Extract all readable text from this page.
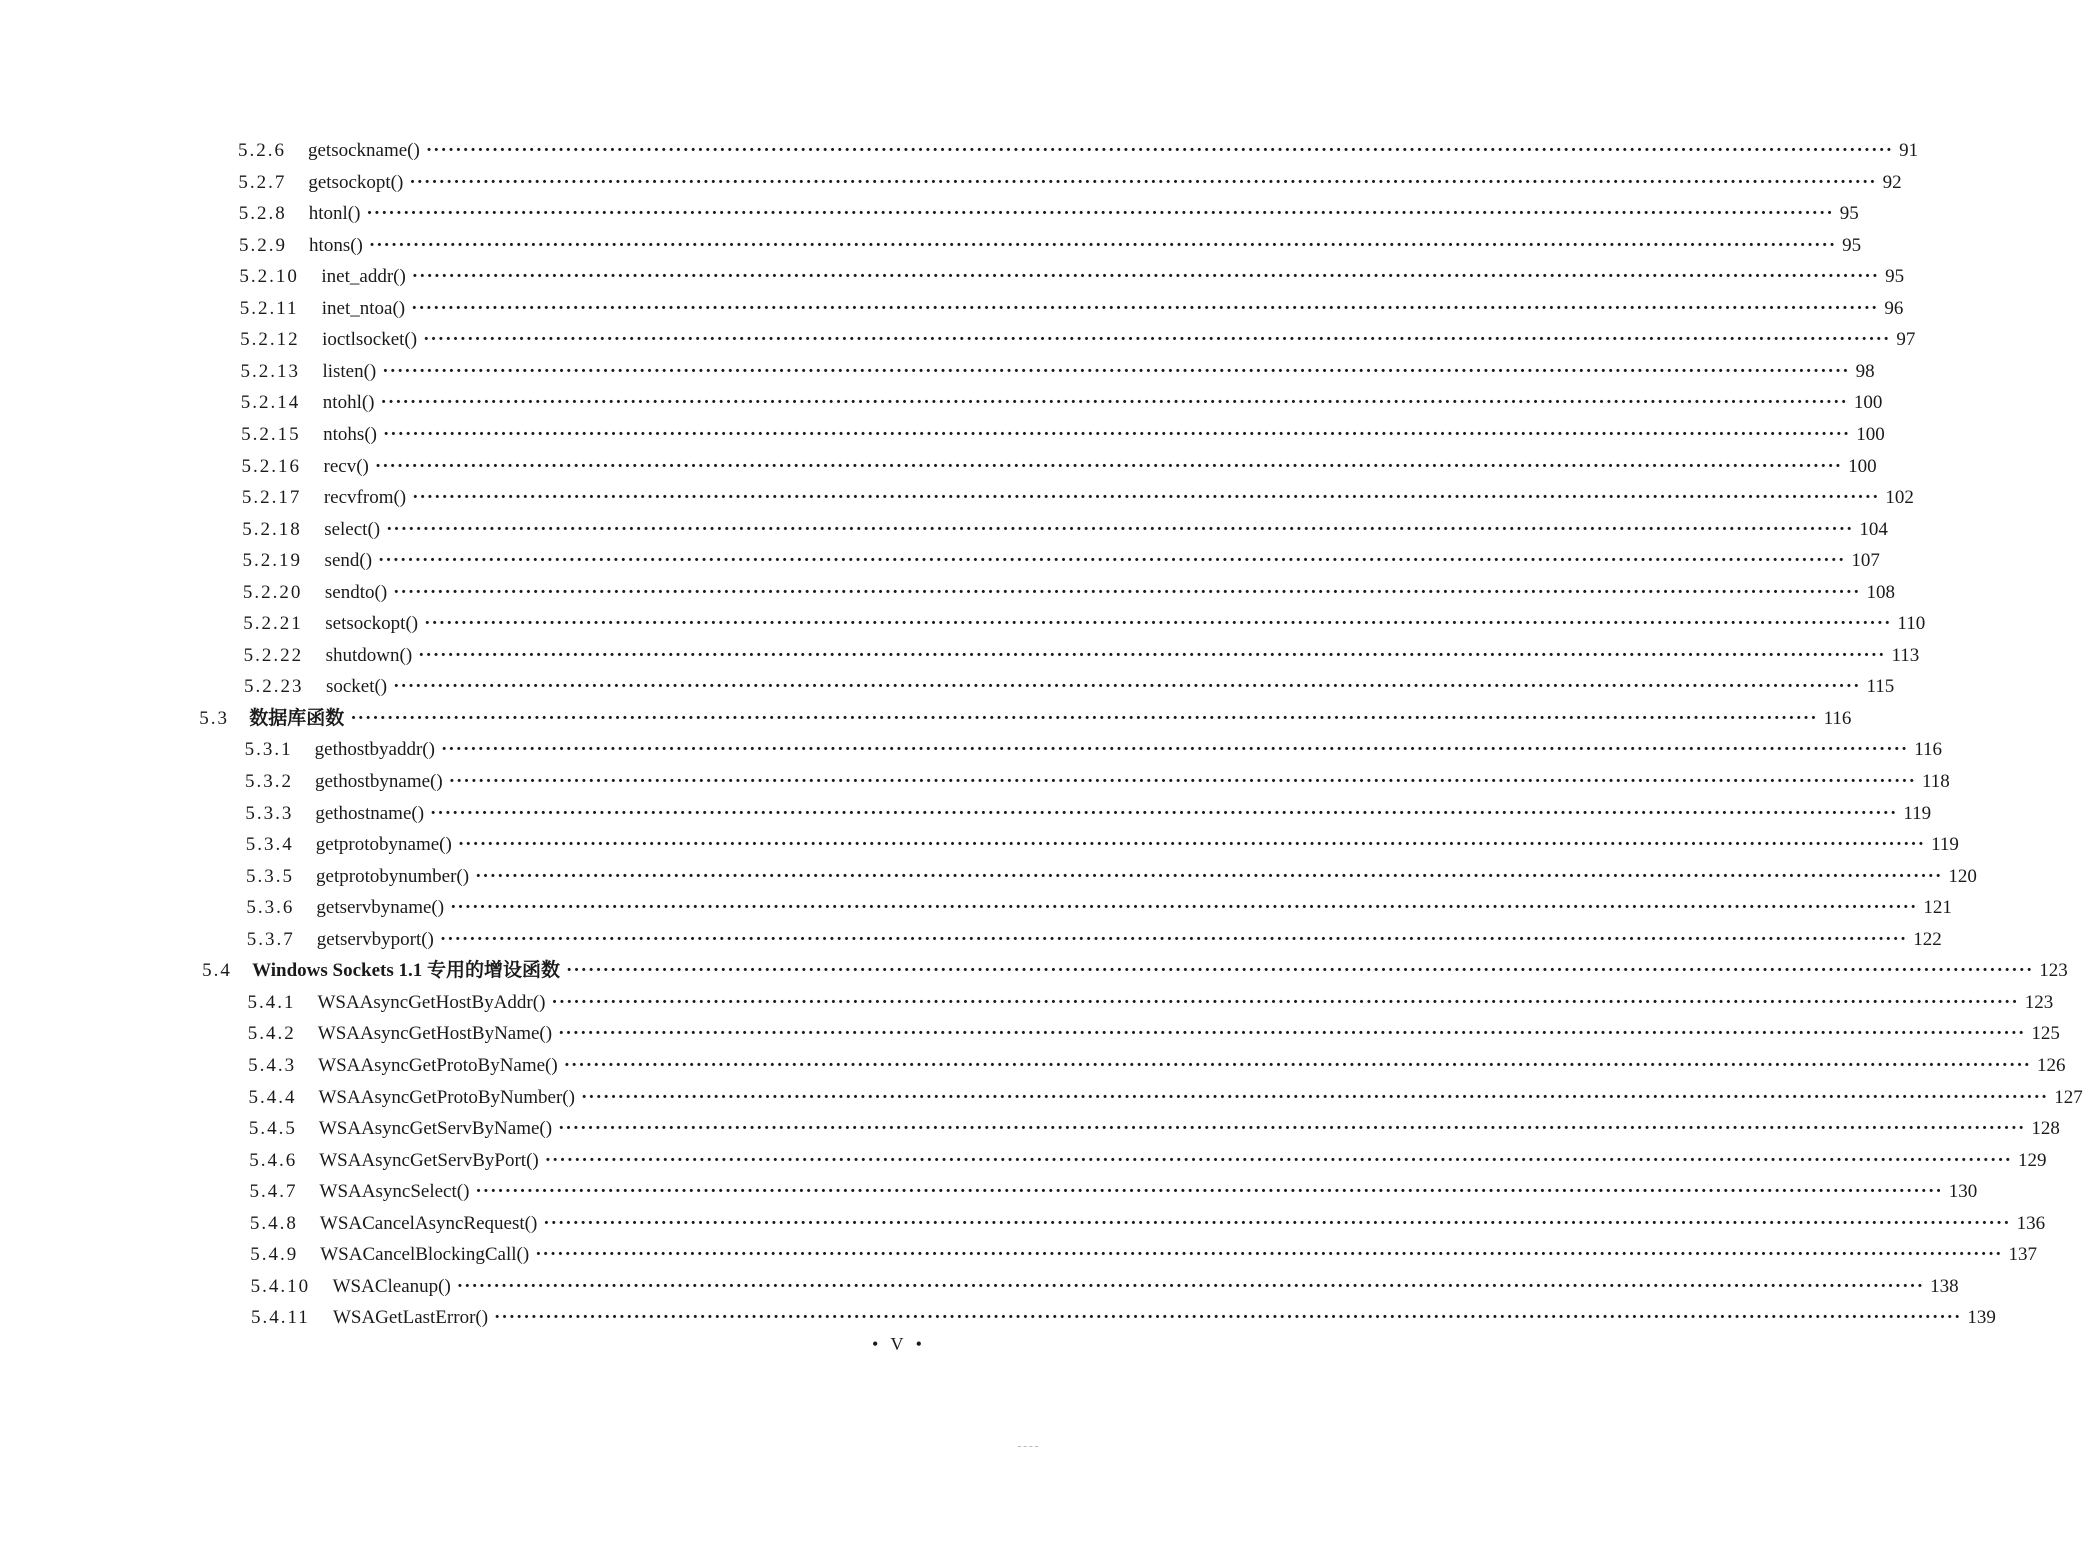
5.2.6	getsockname() ········································································································································································································ 91
5.2.7	getsockopt() ········································································································································································································ 92
5.2.8	htonl() ········································································································································································································ 95
5.2.9	htons() ········································································································································································································ 95
5.2.10	inet_addr() ········································································································································································································ 95
5.2.11	inet_ntoa() ········································································································································································································ 96
5.2.12	ioctlsocket() ········································································································································································································ 97
5.2.13	listen() ········································································································································································································ 98
5.2.14	ntohl() ········································································································································································································ 100
5.2.15	ntohs() ········································································································································································································ 100
5.2.16	recv() ········································································································································································································ 100
5.2.17	recvfrom() ········································································································································································································ 102
5.2.18	select() ········································································································································································································ 104
5.2.19	send() ········································································································································································································ 107
5.2.20	sendto() ········································································································································································································ 108
5.2.21	setsockopt() ········································································································································································································ 110
5.2.22	shutdown() ········································································································································································································ 113
5.2.23	socket() ········································································································································································································ 115
5.3	数据库函数 ········································································································································································································ 116
5.3.1	gethostbyaddr() ········································································································································································································ 116
5.3.2	gethostbyname() ········································································································································································································ 118
5.3.3	gethostname() ········································································································································································································ 119
5.3.4	getprotobyname() ········································································································································································································ 119
5.3.5	getprotobynumber() ········································································································································································································ 120
5.3.6	getservbyname() ········································································································································································································ 121
5.3.7	getservbyport() ········································································································································································································ 122
5.4	Windows Sockets 1.1 专用的增设函数 ········································································································································································································ 123
5.4.1	WSAAsyncGetHostByAddr() ········································································································································································································ 123
5.4.2	WSAAsyncGetHostByName() ········································································································································································································ 125
5.4.3	WSAAsyncGetProtoByName() ········································································································································································································ 126
5.4.4	WSAAsyncGetProtoByNumber() ········································································································································································································ 127
5.4.5	WSAAsyncGetServByName() ········································································································································································································ 128
5.4.6	WSAAsyncGetServByPort() ········································································································································································································ 129
5.4.7	WSAAsyncSelect() ········································································································································································································ 130
5.4.8	WSACancelAsyncRequest() ········································································································································································································ 136
5.4.9	WSACancelBlockingCall() ········································································································································································································ 137
5.4.10	WSACleanup() ········································································································································································································ 138
5.4.11	WSAGetLastError() ········································································································································································································ 139
• V •
